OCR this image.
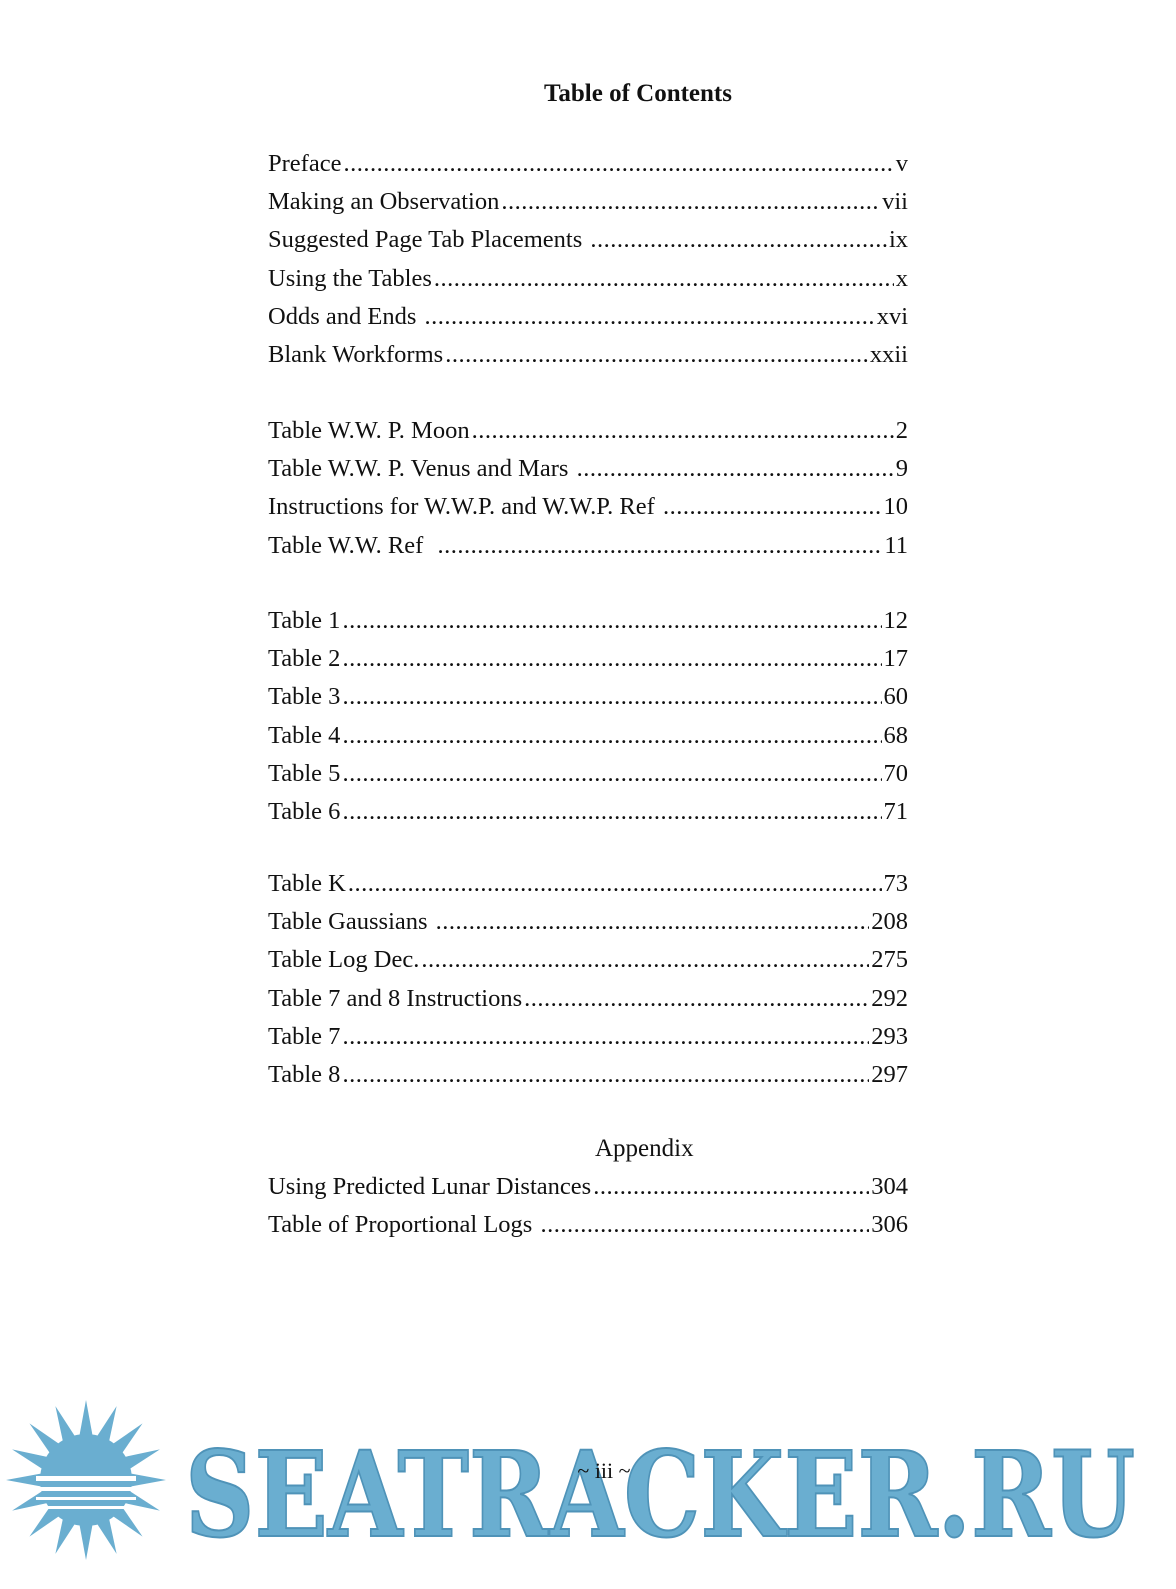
Table of Contents
Preface .....	v
Making an Observation .....	vii
Suggested Page Tab Placements .....	ix
Using the Tables .....	x
Odds and Ends .....	xvi
Blank Workforms .....	xxii
Table W.W. P. Moon .....	2
Table W.W. P. Venus and Mars .....	9
Instructions for W.W.P. and W.W.P. Ref .....	10
Table W.W. Ref .....	11
Table 1 .....	12
Table 2 .....	17
Table 3 .....	60
Table 4 .....	68
Table 5 .....	70
Table 6 .....	71
Table K .....	73
Table Gaussians .....	208
Table Log Dec. .....	275
Table 7 and 8 Instructions .....	292
Table 7 .....	293
Table 8 .....	297
Appendix
Using Predicted Lunar Distances .....	304
Table of Proportional Logs .....	306
SEATRACKER.RU
~ iii ~
